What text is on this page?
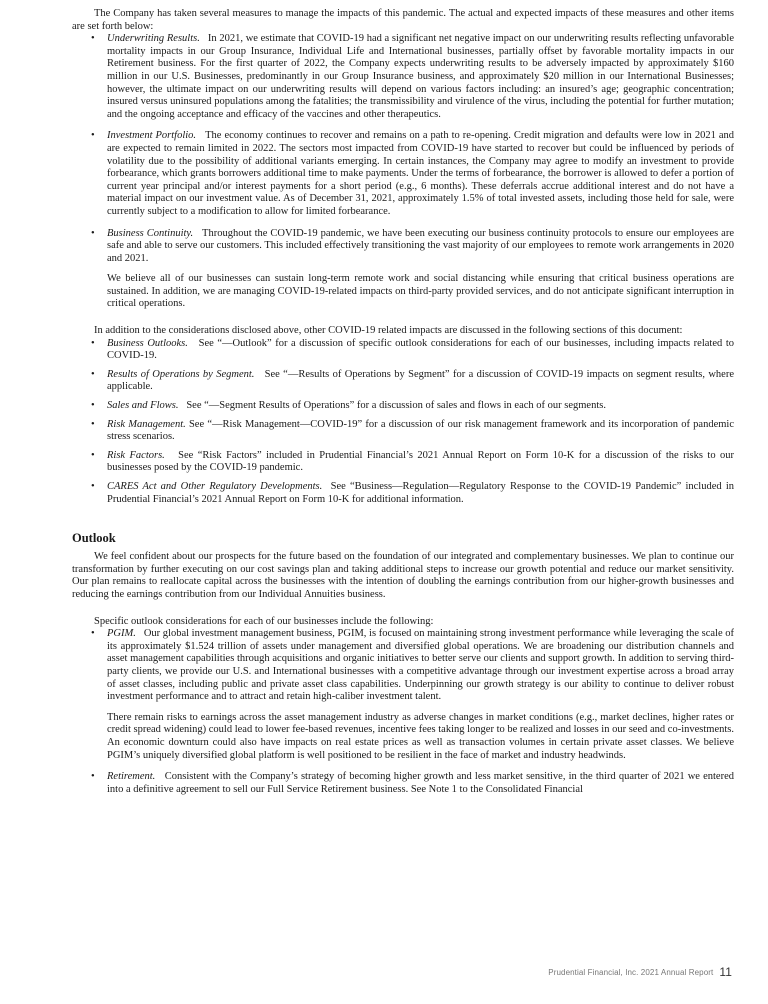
The Company has taken several measures to manage the impacts of this pandemic. The actual and expected impacts of these measures and other items are set forth below:

• Underwriting Results. In 2021, we estimate that COVID-19 had a significant net negative impact on our underwriting results reflecting unfavorable mortality impacts in our Group Insurance, Individual Life and International businesses, partially offset by favorable mortality impacts in our Retirement business. For the first quarter of 2022, the Company expects underwriting results to be adversely impacted by approximately $160 million in our U.S. Businesses, predominantly in our Group Insurance business, and approximately $20 million in our International Businesses; however, the ultimate impact on our underwriting results will depend on various factors including: an insured’s age; geographic concentration; insured versus uninsured populations among the fatalities; the transmissibility and virulence of the virus, including the potential for further mutation; and the ongoing acceptance and efficacy of the vaccines and other therapeutics.

• Investment Portfolio. The economy continues to recover and remains on a path to re-opening. Credit migration and defaults were low in 2021 and are expected to remain limited in 2022. The sectors most impacted from COVID-19 have started to recover but could be influenced by periods of volatility due to the possibility of additional variants emerging. In certain instances, the Company may agree to modify an investment to provide forbearance, which grants borrowers additional time to make payments. Under the terms of forbearance, the borrower is allowed to defer a portion of current year principal and/or interest payments for a short period (e.g., 6 months). These deferrals accrue additional interest and do not have a material impact on our investment value. As of December 31, 2021, approximately 1.5% of total invested assets, including those held for sale, were currently subject to a modification to allow for limited forbearance.

• Business Continuity. Throughout the COVID-19 pandemic, we have been executing our business continuity protocols to ensure our employees are safe and able to serve our customers. This included effectively transitioning the vast majority of our employees to remote work arrangements in 2020 and 2021.

We believe all of our businesses can sustain long-term remote work and social distancing while ensuring that critical business operations are sustained. In addition, we are managing COVID-19-related impacts on third-party provided services, and do not anticipate significant interruption in critical operations.

In addition to the considerations disclosed above, other COVID-19 related impacts are discussed in the following sections of this document:

• Business Outlooks. See “—Outlook” for a discussion of specific outlook considerations for each of our businesses, including impacts related to COVID-19.

• Results of Operations by Segment. See “—Results of Operations by Segment” for a discussion of COVID-19 impacts on segment results, where applicable.

• Sales and Flows. See “—Segment Results of Operations” for a discussion of sales and flows in each of our segments.

• Risk Management. See “—Risk Management—COVID-19” for a discussion of our risk management framework and its incorporation of pandemic stress scenarios.

• Risk Factors. See “Risk Factors” included in Prudential Financial’s 2021 Annual Report on Form 10-K for a discussion of the risks to our businesses posed by the COVID-19 pandemic.

• CARES Act and Other Regulatory Developments. See “Business—Regulation—Regulatory Response to the COVID-19 Pandemic” included in Prudential Financial’s 2021 Annual Report on Form 10-K for additional information.

Outlook

We feel confident about our prospects for the future based on the foundation of our integrated and complementary businesses. We plan to continue our transformation by further executing on our cost savings plan and taking additional steps to increase our growth potential and reduce our market sensitivity. Our plan remains to reallocate capital across the businesses with the intention of doubling the earnings contribution from our higher-growth businesses and reducing the earnings contribution from our Individual Annuities business.

Specific outlook considerations for each of our businesses include the following:

• PGIM. Our global investment management business, PGIM, is focused on maintaining strong investment performance while leveraging the scale of its approximately $1.524 trillion of assets under management and diversified global operations. We are broadening our distribution channels and asset management capabilities through acquisitions and organic initiatives to better serve our clients and support growth. In addition to serving third-party clients, we provide our U.S. and International businesses with a competitive advantage through our investment expertise across a broad array of asset classes, including public and private asset class capabilities. Underpinning our growth strategy is our ability to continue to deliver robust investment performance and to attract and retain high-caliber investment talent.

There remain risks to earnings across the asset management industry as adverse changes in market conditions (e.g., market declines, higher rates or credit spread widening) could lead to lower fee-based revenues, incentive fees taking longer to be realized and losses in our seed and co-investments. An economic downturn could also have impacts on real estate prices as well as transaction volumes in certain private asset classes. We believe PGIM’s uniquely diversified global platform is well positioned to be resilient in the face of market and industry headwinds.

• Retirement. Consistent with the Company’s strategy of becoming higher growth and less market sensitive, in the third quarter of 2021 we entered into a definitive agreement to sell our Full Service Retirement business. See Note 1 to the Consolidated Financial

Prudential Financial, Inc. 2021 Annual Report 11
